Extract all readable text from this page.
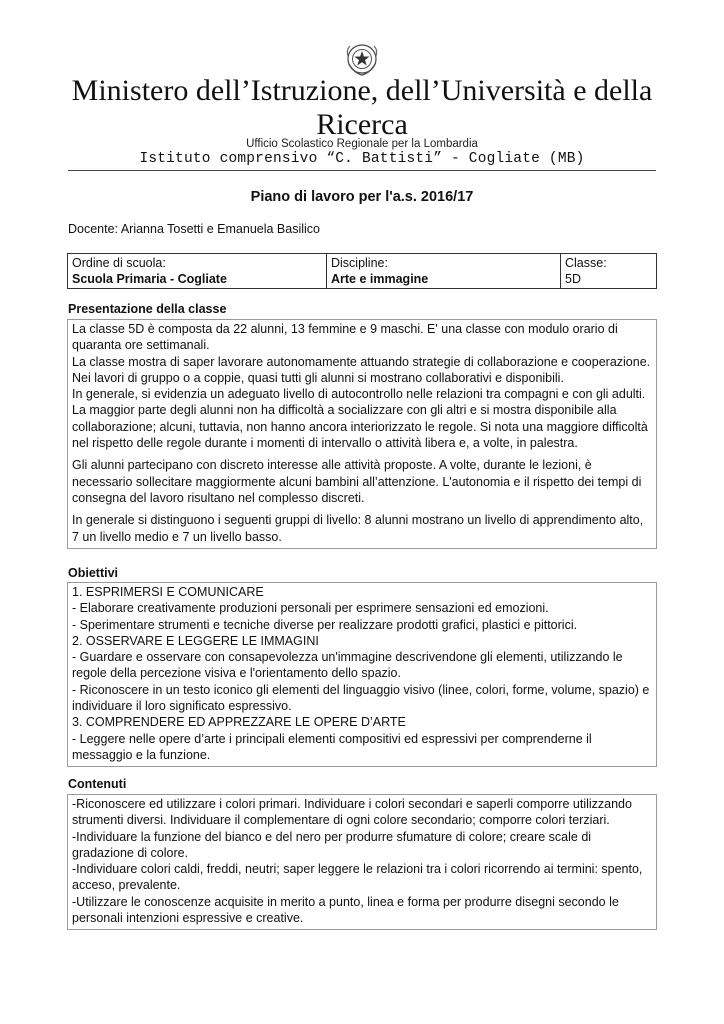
Ministero dell’Istruzione, dell’Università e della Ricerca
Ufficio Scolastico Regionale per la Lombardia
Istituto comprensivo “C. Battisti” - Cogliate (MB)
Piano di lavoro per l'a.s. 2016/17
Docente: Arianna Tosetti e Emanuela Basilico
Ordine di scuola:
Scuola Primaria - Cogliate

Discipline:
Arte e immagine

Classe:
5D
Presentazione della classe

La classe 5D è composta da 22 alunni, 13 femmine e 9 maschi. E' una classe con modulo orario di quaranta ore settimanali.

La classe mostra di saper lavorare autonomamente attuando strategie di collaborazione e cooperazione. Nei lavori di gruppo o a coppie, quasi tutti gli alunni si mostrano collaborativi e disponibili.

In generale, si evidenzia un adeguato livello di autocontrollo nelle relazioni tra compagni e con gli adulti. La maggior parte degli alunni non ha difficoltà a socializzare con gli altri e si mostra disponibile alla collaborazione; alcuni, tuttavia, non hanno ancora interiorizzato le regole. Si nota una maggiore difficoltà nel rispetto delle regole durante i momenti di intervallo o attività libera e, a volte, in palestra.

Gli alunni partecipano con discreto interesse alle attività proposte. A volte, durante le lezioni, è necessario sollecitare maggiormente alcuni bambini all’attenzione. L'autonomia e il rispetto dei tempi di consegna del lavoro risultano nel complesso discreti.

In generale si distinguono i seguenti gruppi di livello: 8 alunni mostrano un livello di apprendimento alto, 7 un livello medio e 7 un livello basso.

Obiettivi

1. ESPRIMERSI E COMUNICARE

- Elaborare creativamente produzioni personali per esprimere sensazioni ed emozioni.

- Sperimentare strumenti e tecniche diverse per realizzare prodotti grafici, plastici e pittorici.

2. OSSERVARE E LEGGERE LE IMMAGINI

- Guardare e osservare con consapevolezza un'immagine descrivendone gli elementi, utilizzando le regole della percezione visiva e l'orientamento dello spazio.

- Riconoscere in un testo iconico gli elementi del linguaggio visivo (linee, colori, forme, volume, spazio) e individuare il loro significato espressivo.

3. COMPRENDERE ED APPREZZARE LE OPERE D’ARTE

- Leggere nelle opere d’arte i principali elementi compositivi ed espressivi per comprenderne il messaggio e la funzione.

Contenuti

-Riconoscere ed utilizzare i colori primari. Individuare i colori secondari e saperli comporre utilizzando strumenti diversi. Individuare il complementare di ogni colore secondario; comporre colori terziari.

-Individuare la funzione del bianco e del nero per produrre sfumature di colore; creare scale di gradazione di colore.

-Individuare colori caldi, freddi, neutri; saper leggere le relazioni tra i colori ricorrendo ai termini: spento, acceso, prevalente.

-Utilizzare le conoscenze acquisite in merito a punto, linea e forma per produrre disegni secondo le personali intenzioni espressive e creative.
